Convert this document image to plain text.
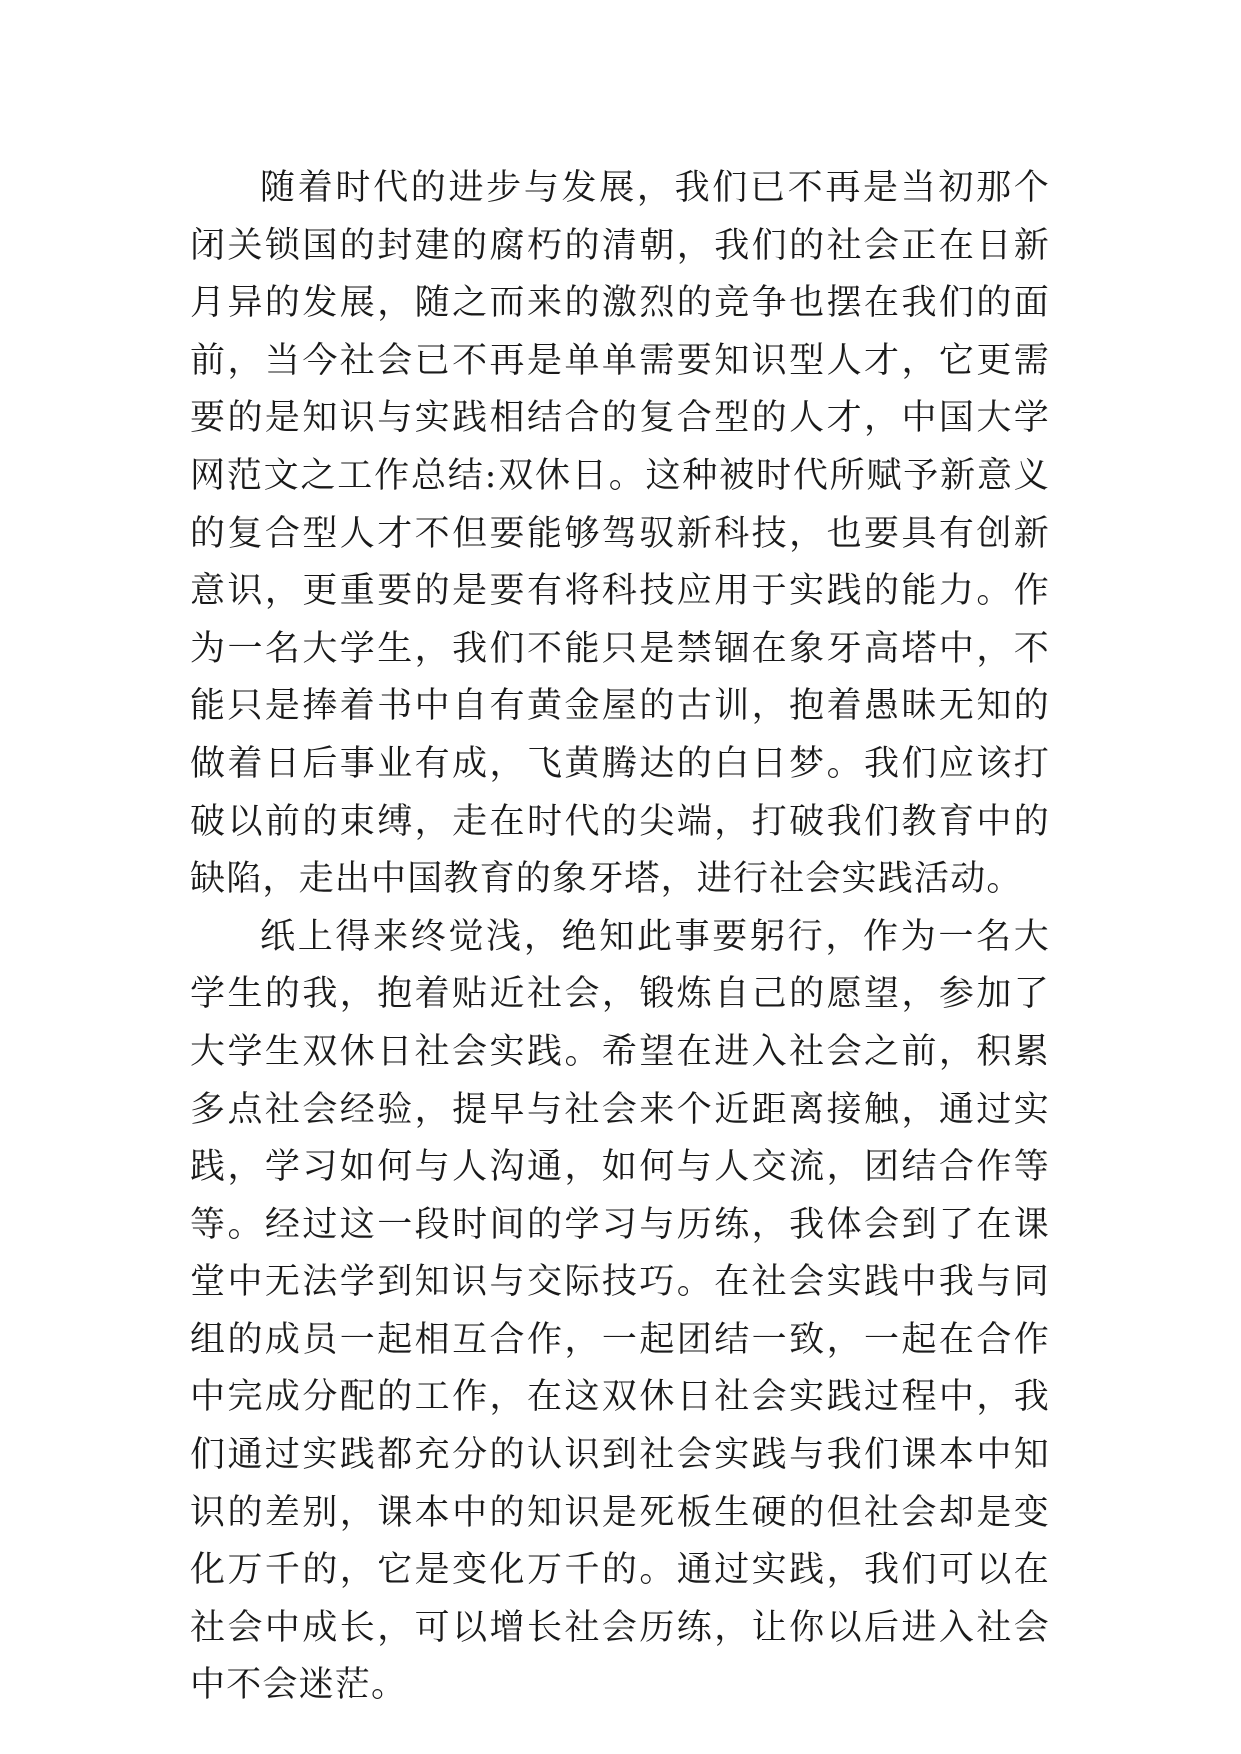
随着时代的进步与发展，我们已不再是当初那个闭关锁国的封建的腐朽的清朝，我们的社会正在日新月异的发展，随之而来的激烈的竞争也摆在我们的面前，当今社会已不再是单单需要知识型人才，它更需要的是知识与实践相结合的复合型的人才，中国大学网范文之工作总结:双休日。这种被时代所赋予新意义的复合型人才不但要能够驾驭新科技，也要具有创新意识，更重要的是要有将科技应用于实践的能力。作为一名大学生，我们不能只是禁锢在象牙高塔中，不能只是捧着书中自有黄金屋的古训，抱着愚昧无知的做着日后事业有成，飞黄腾达的白日梦。我们应该打破以前的束缚，走在时代的尖端，打破我们教育中的缺陷，走出中国教育的象牙塔，进行社会实践活动。

纸上得来终觉浅，绝知此事要躬行，作为一名大学生的我，抱着贴近社会，锻炼自己的愿望，参加了大学生双休日社会实践。希望在进入社会之前，积累多点社会经验，提早与社会来个近距离接触，通过实践，学习如何与人沟通，如何与人交流，团结合作等等。经过这一段时间的学习与历练，我体会到了在课堂中无法学到知识与交际技巧。在社会实践中我与同组的成员一起相互合作，一起团结一致，一起在合作中完成分配的工作，在这双休日社会实践过程中，我们通过实践都充分的认识到社会实践与我们课本中知识的差别，课本中的知识是死板生硬的但社会却是变化万千的，它是变化万千的。通过实践，我们可以在社会中成长，可以增长社会历练，让你以后进入社会中不会迷茫。
